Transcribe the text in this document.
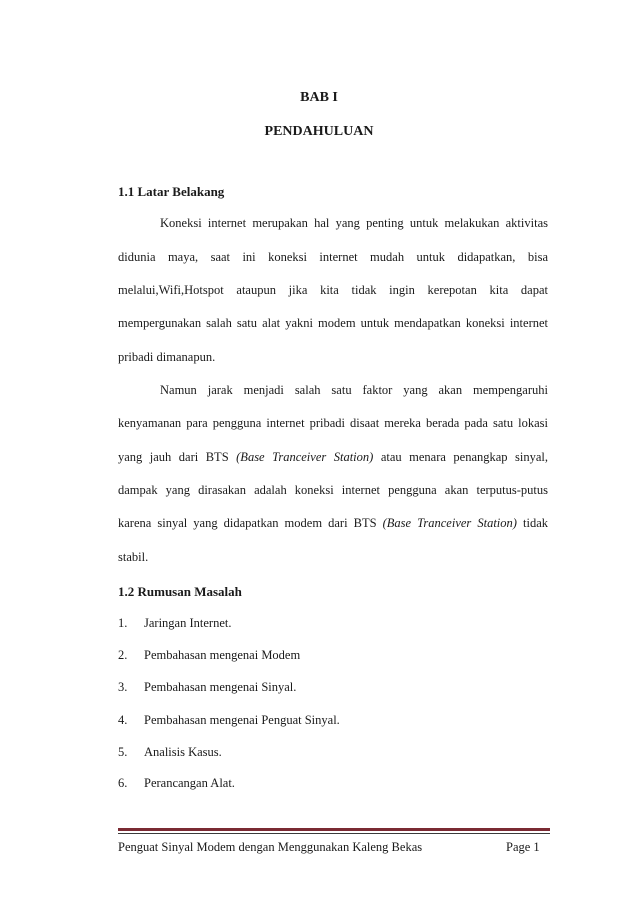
BAB I
PENDAHULUAN
1.1 Latar Belakang
Koneksi internet merupakan hal yang penting untuk melakukan aktivitas
didunia maya, saat ini koneksi internet mudah untuk didapatkan, bisa
melalui,Wifi,Hotspot ataupun jika kita tidak ingin kerepotan kita dapat
mempergunakan salah satu alat yakni modem untuk mendapatkan koneksi internet
pribadi dimanapun.
Namun jarak menjadi salah satu faktor yang akan mempengaruhi
kenyamanan para pengguna internet pribadi disaat mereka berada pada satu lokasi
yang jauh dari BTS (Base Tranceiver Station) atau menara penangkap sinyal,
dampak yang dirasakan adalah koneksi internet pengguna akan terputus-putus
karena sinyal yang didapatkan modem dari BTS (Base Tranceiver Station) tidak
stabil.
1.2 Rumusan Masalah
1. Jaringan Internet.
2. Pembahasan mengenai Modem
3. Pembahasan mengenai Sinyal.
4. Pembahasan mengenai Penguat Sinyal.
5. Analisis Kasus.
6. Perancangan Alat.
Penguat Sinyal Modem dengan Menggunakan Kaleng Bekas	Page 1
